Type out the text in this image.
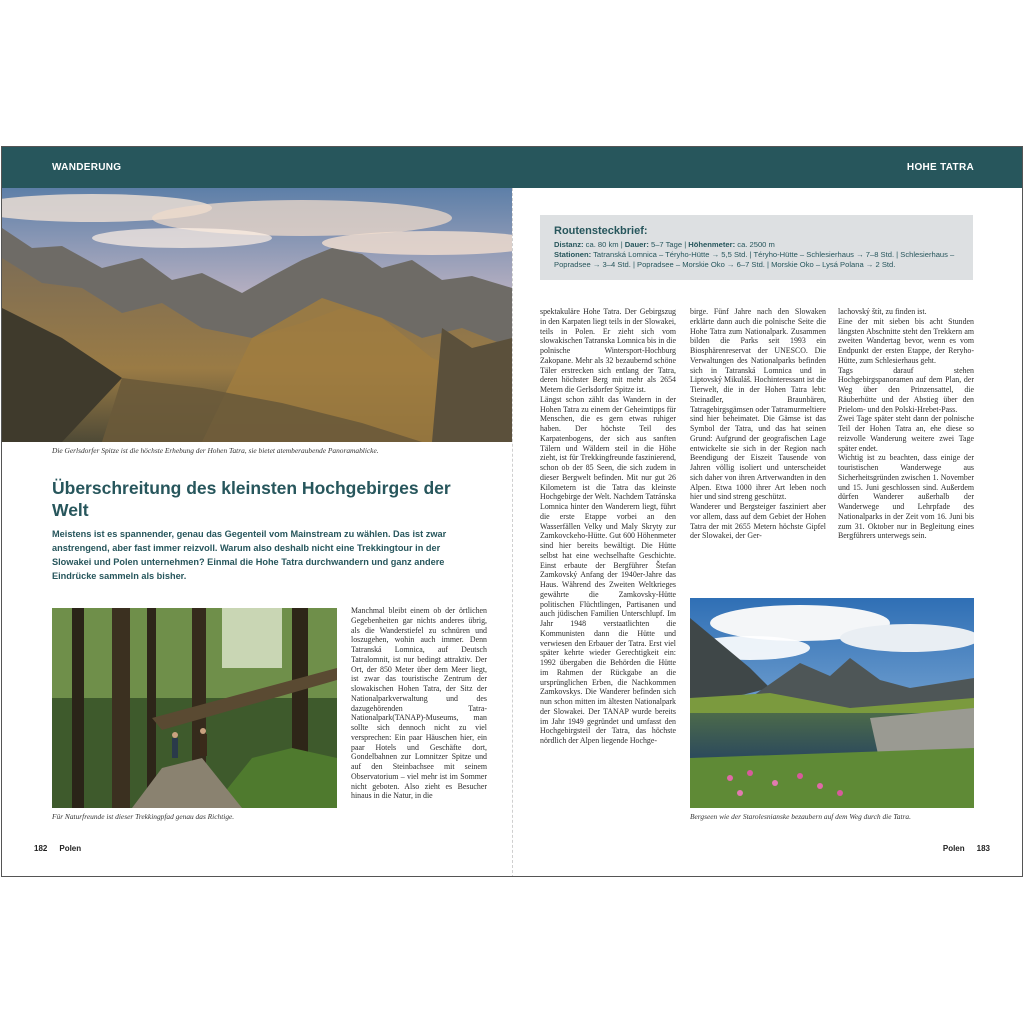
WANDERUNG	HOHE TATRA
Die Gerlsdorfer Spitze ist die höchste Erhebung der Hohen Tatra, sie bietet atemberaubende Panoramablicke.
Überschreitung des kleinsten Hochgebirges der Welt

Meistens ist es spannender, genau das Gegenteil vom Mainstream zu wählen. Das ist zwar anstrengend, aber fast immer reizvoll. Warum also deshalb nicht eine Trekkingtour in der Slowakei und Polen unternehmen? Einmal die Hohe Tatra durchwandern und ganz andere Eindrücke sammeln als bisher.

Für Naturfreunde ist dieser Trekkingpfad genau das Richtige.

Manchmal bleibt einem ob der örtlichen Gegebenheiten gar nichts anderes übrig, als die Wanderstiefel zu schnüren und loszugehen, wohin auch immer. Denn Tatranská Lomnica, auf Deutsch Tatralomnit, ist nur bedingt attraktiv. Der Ort, der 850 Meter über dem Meer liegt, ist zwar das touristische Zentrum der slowakischen Hohen Tatra, der Sitz der Nationalparkverwaltung und des dazugehörenden Tatra-Nationalpark(TANAP)-Museums, man sollte sich dennoch nicht zu viel versprechen: Ein paar Häuschen hier, ein paar Hotels und Geschäfte dort, Gondelbahnen zur Lomnitzer Spitze und auf den Steinbachsee mit seinem Observatorium – viel mehr ist im Sommer nicht geboten. Also zieht es Besucher hinaus in die Natur, in die

Routensteckbrief:
Distanz: ca. 80 km | Dauer: 5–7 Tage | Höhenmeter: ca. 2500 m
Stationen: Tatranská Lomnica – Téryho-Hütte → 5,5 Std. | Téryho-Hütte – Schlesierhaus → 7–8 Std. | Schlesierhaus – Popradsee → 3–4 Std. | Popradsee – Morskie Oko → 6–7 Std. | Morskie Oko – Lysá Polana → 2 Std.

spektakuläre Hohe Tatra. Der Gebirgszug in den Karpaten liegt teils in der Slowakei, teils in Polen. Er zieht sich vom slowakischen Tatranska Lomnica bis in die polnische Wintersport-Hochburg Zakopane. Mehr als 32 bezaubernd schöne Täler erstrecken sich entlang der Tatra, deren höchster Berg mit mehr als 2654 Metern die Gerlsdorfer Spitze ist.

Längst schon zählt das Wandern in der Hohen Tatra zu einem der Geheimtipps für Menschen, die es gern etwas ruhiger haben. Der höchste Teil des Karpatenbogens, der sich aus sanften Tälern und Wäldern steil in die Höhe zieht, ist für Trekkingfreunde faszinierend, schon ob der 85 Seen, die sich zudem in dieser Bergwelt befinden. Mit nur gut 26 Kilometern ist die Tatra das kleinste Hochgebirge der Welt. Nachdem Tatránska Lomnica hinter den Wanderern liegt, führt die erste Etappe vorbei an den Wasserfällen Velky und Maly Skryty zur Zamkovckeho-Hütte. Gut 600 Höhenmeter sind hier bereits bewältigt. Die Hütte selbst hat eine wechselhafte Geschichte. Einst erbaute der Bergführer Štefan Zamkovský Anfang der 1940er-Jahre das Haus. Während des Zweiten Weltkrieges gewährte die Zamkovsky-Hütte politischen Flüchtlingen, Partisanen und auch jüdischen Familien Unterschlupf. Im Jahr 1948 verstaatlichten die Kommunisten dann die Hütte und verwiesen den Erbauer der Tatra. Erst viel später kehrte wieder Gerechtigkeit ein: 1992 übergaben die Behörden die Hütte im Rahmen der Rückgabe an die ursprünglichen Erben, die Nachkommen Zamkovskys. Die Wanderer befinden sich nun schon mitten im ältesten Nationalpark der Slowakei. Der TANAP wurde bereits im Jahr 1949 gegründet und umfasst den Hochgebirgsteil der Tatra, das höchste nördlich der Alpen liegende Hochge-

birge. Fünf Jahre nach den Slowaken erklärte dann auch die polnische Seite die Hohe Tatra zum Nationalpark. Zusammen bilden die Parks seit 1993 ein Biosphärenreservat der UNESCO. Die Verwaltungen des Nationalparks befinden sich in Tatranská Lomnica und in Liptovský Mikuláš. Hochinteressant ist die Tierwelt, die in der Hohen Tatra lebt: Steinadler, Braunbären, Tatragebirgsgämsen oder Tatramurmeltiere sind hier beheimatet. Die Gämse ist das Symbol der Tatra, und das hat seinen Grund: Aufgrund der geografischen Lage entwickelte sie sich in der Region nach Beendigung der Eiszeit Tausende von Jahren völlig isoliert und unterscheidet sich daher von ihren Artverwandten in den Alpen. Etwa 1000 ihrer Art leben noch hier und sind streng geschützt.

Wanderer und Bergsteiger fasziniert aber vor allem, dass auf dem Gebiet der Hohen Tatra der mit 2655 Metern höchste Gipfel der Slowakei, der Ger-

lachovský štít, zu finden ist.

Eine der mit sieben bis acht Stunden längsten Abschnitte steht den Trekkern am zweiten Wandertag bevor, wenn es vom Endpunkt der ersten Etappe, der Reryho-Hütte, zum Schlesierhaus geht.

Tags darauf stehen Hochgebirgspanoramen auf dem Plan, der Weg über den Prinzensattel, die Räuberhütte und der Abstieg über den Prielom- und den Polski-Hrebet-Pass.

Zwei Tage später steht dann der polnische Teil der Hohen Tatra an, ehe diese so reizvolle Wanderung weitere zwei Tage später endet.

Wichtig ist zu beachten, dass einige der touristischen Wanderwege aus Sicherheitsgründen zwischen 1. November und 15. Juni geschlossen sind. Außerdem dürfen Wanderer außerhalb der Wanderwege und Lehrpfade des Nationalparks in der Zeit vom 16. Juni bis zum 31. Oktober nur in Begleitung eines Bergführers unterwegs sein.

Bergseen wie der Starolesnianske bezaubern auf dem Weg durch die Tatra.
182 Polen	Polen 183
